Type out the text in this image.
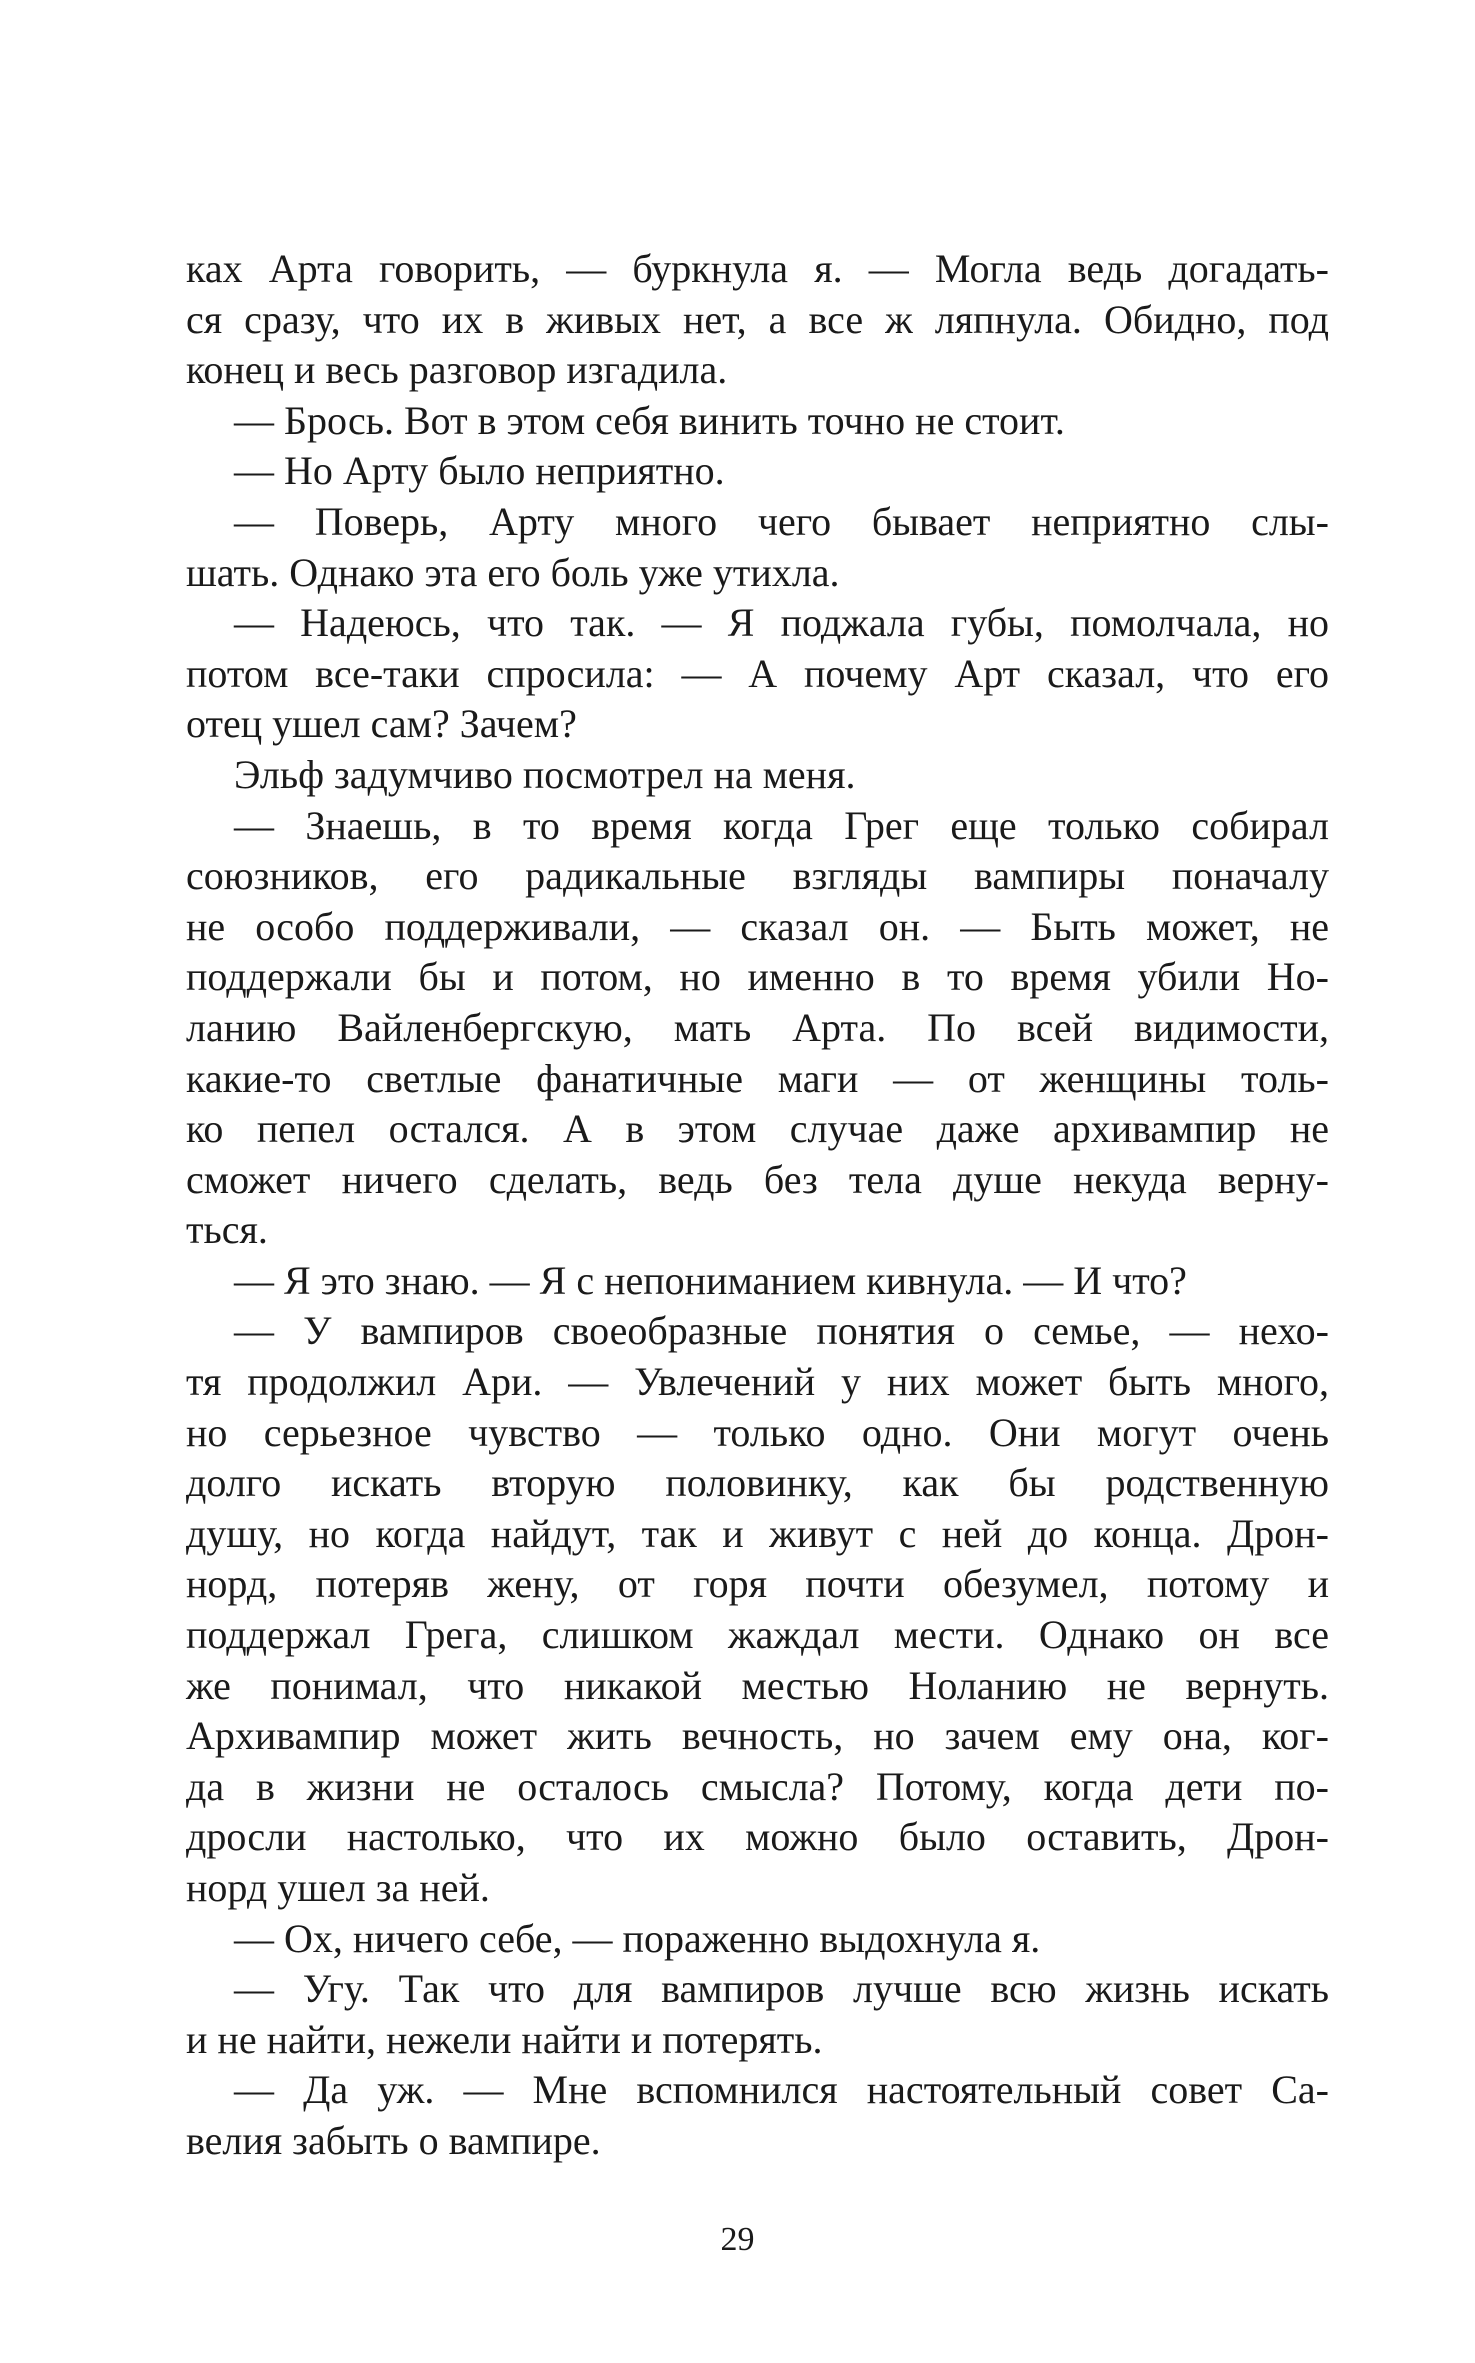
ках Арта говорить, — буркнула я. — Могла ведь догадать-
ся сразу, что их в живых нет, а все ж ляпнула. Обидно, под
конец и весь разговор изгадила.
— Брось. Вот в этом себя винить точно не стоит.
— Но Арту было неприятно.
— Поверь, Арту много чего бывает неприятно слы-
шать. Однако эта его боль уже утихла.
— Надеюсь, что так. — Я поджала губы, помолчала, но
потом все-таки спросила: — А почему Арт сказал, что его
отец ушел сам? Зачем?
Эльф задумчиво посмотрел на меня.
— Знаешь, в то время когда Грег еще только собирал
союзников, его радикальные взгляды вампиры поначалу
не особо поддерживали, — сказал он. — Быть может, не
поддержали бы и потом, но именно в то время убили Но-
ланию Вайленбергскую, мать Арта. По всей видимости,
какие-то светлые фанатичные маги — от женщины толь-
ко пепел остался. А в этом случае даже архивампир не
сможет ничего сделать, ведь без тела душе некуда верну-
ться.
— Я это знаю. — Я с непониманием кивнула. — И что?
— У вампиров своеобразные понятия о семье, — нехо-
тя продолжил Ари. — Увлечений у них может быть много,
но серьезное чувство — только одно. Они могут очень
долго искать вторую половинку, как бы родственную
душу, но когда найдут, так и живут с ней до конца. Дрон-
норд, потеряв жену, от горя почти обезумел, потому и
поддержал Грега, слишком жаждал мести. Однако он все
же понимал, что никакой местью Ноланию не вернуть.
Архивампир может жить вечность, но зачем ему она, ког-
да в жизни не осталось смысла? Потому, когда дети по-
дросли настолько, что их можно было оставить, Дрон-
норд ушел за ней.
— Ох, ничего себе, — пораженно выдохнула я.
— Угу. Так что для вампиров лучше всю жизнь искать
и не найти, нежели найти и потерять.
— Да уж. — Мне вспомнился настоятельный совет Са-
велия забыть о вампире.
29
